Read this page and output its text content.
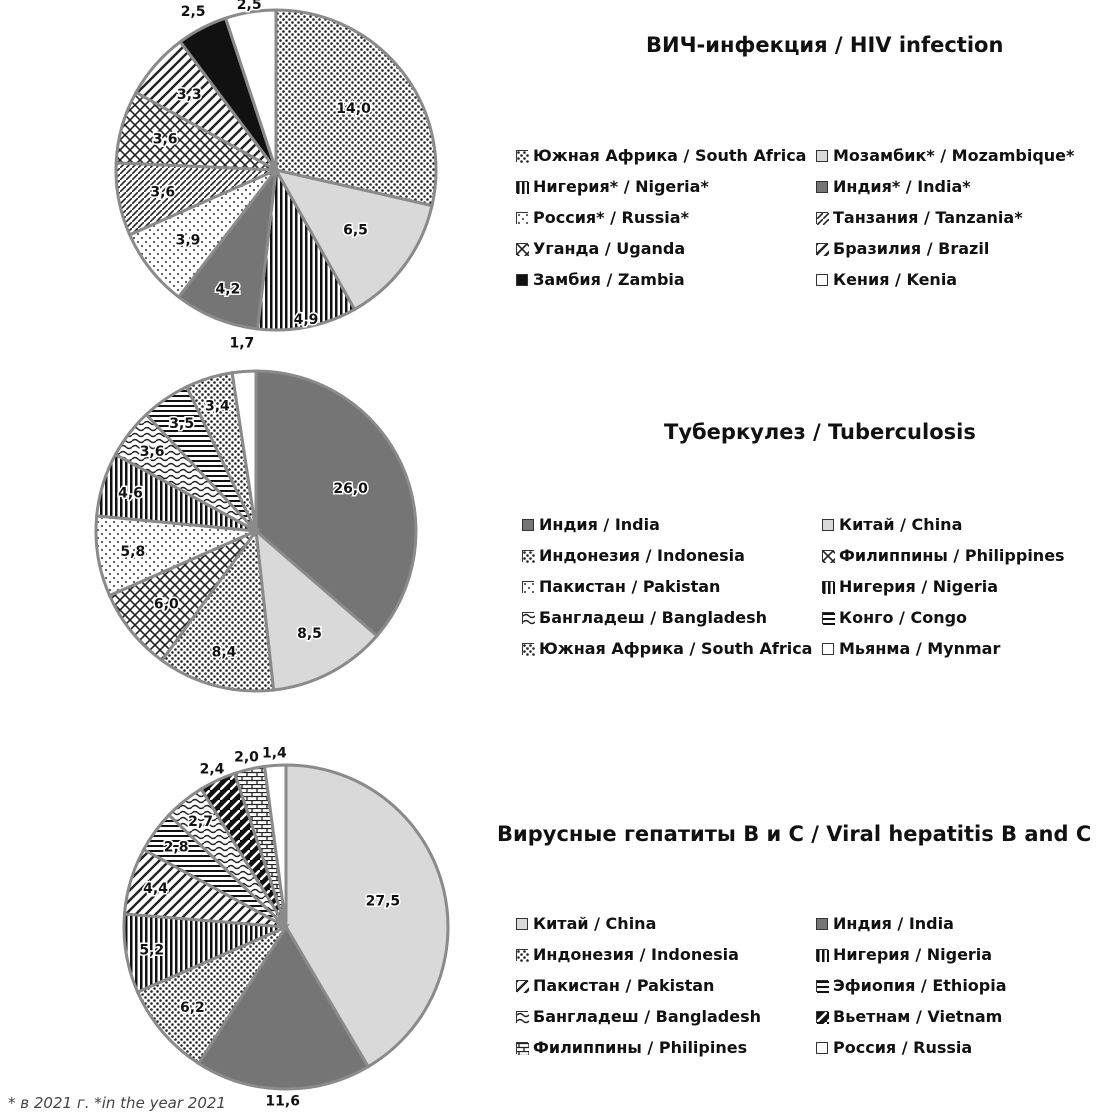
14,0
6,5
4,9
4,2
3,9
3,6
3,6
3,3
2,5 2,5
26,0
8,5
8,4
6,0
5,8
4,6
3,6
3,5
3,4
1,7
27,5
11,6
6,2
5,2
4,4
2,8
2,7
2,4
2,0 1,4
ВИЧ-инфекция / HIV infection
Южная Африка / South Africa Мозамбик* / Mozambique*
Нигерия* / Nigeria*	Индия* / India*
Россия* / Russia*	Танзания / Tanzania*
Уганда / Uganda	Бразилия / Brazil
Замбия / Zambia	Кения / Kenia
Туберкулез / Tuberculosis
Индия / India	Китай / China
Индонезия / Indonesia	Филиппины / Philippines
Пакистан / Pakistan	Нигерия / Nigeria
Бангладеш / Bangladesh	Конго / Congo
Южная Африка / South Africa Мьянма / Mynmar
Вирусные гепатиты В и С / Viral hepatitis B and C
Китай / China	Индия / India
Индонезия / Indonesia	Нигерия / Nigeria
Пакистан / Pakistan	Эфиопия / Ethiopia
Бангладеш / Bangladesh	Вьетнам / Vietnam
Филиппины / Philipines	Россия / Russia
* в 2021 г. *in the year 2021
